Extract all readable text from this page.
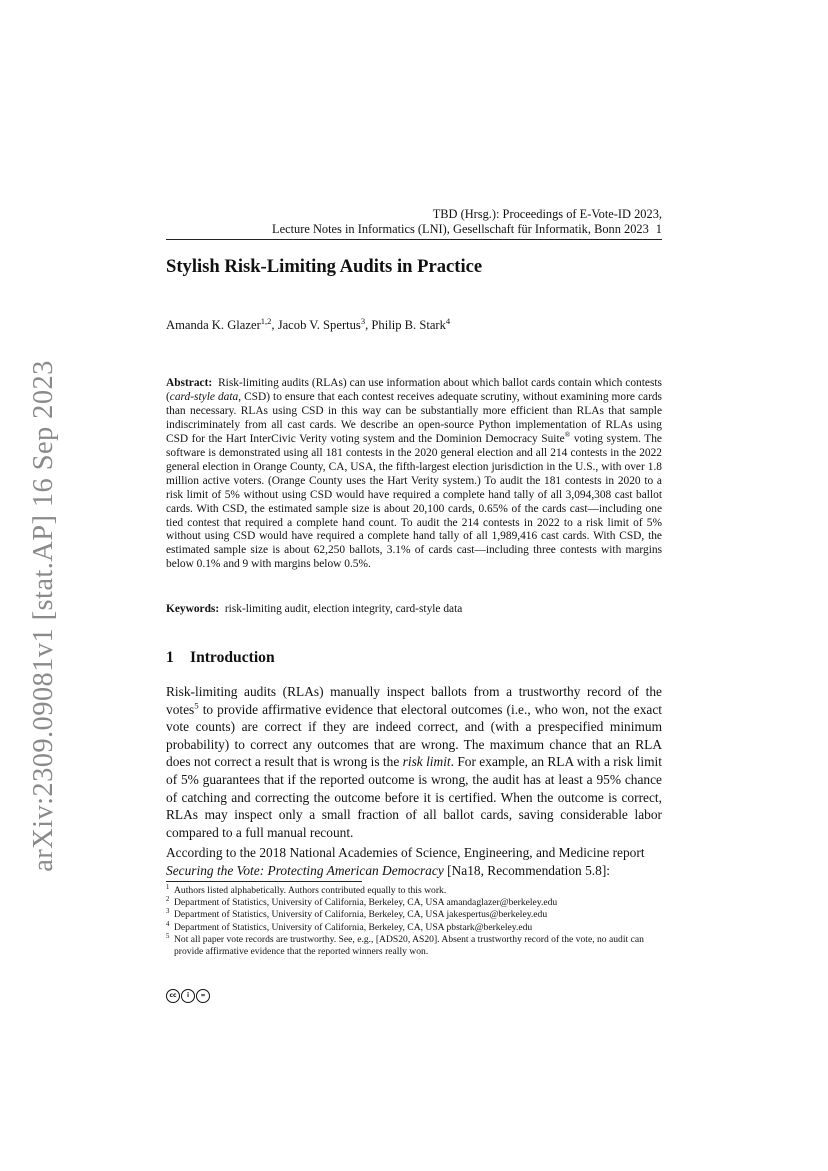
arXiv:2309.09081v1 [stat.AP] 16 Sep 2023
TBD (Hrsg.): Proceedings of E-Vote-ID 2023,
Lecture Notes in Informatics (LNI), Gesellschaft für Informatik, Bonn 2023 1
Stylish Risk-Limiting Audits in Practice
Amanda K. Glazer$^{1,2}$, Jacob V. Spertus$^3$, Philip B. Stark$^4$

Abstract: Risk-limiting audits (RLAs) can use information about which ballot cards contain which contests (card-style data, CSD) to ensure that each contest receives adequate scrutiny, without examining more cards than necessary. RLAs using CSD in this way can be substantially more efficient than RLAs that sample indiscriminately from all cast cards. We describe an open-source Python implementation of RLAs using CSD for the Hart InterCivic Verity voting system and the Dominion Democracy Suite® voting system. The software is demonstrated using all 181 contests in the 2020 general election and all 214 contests in the 2022 general election in Orange County, CA, USA, the fifth-largest election jurisdiction in the U.S., with over 1.8 million active voters. (Orange County uses the Hart Verity system.) To audit the 181 contests in 2020 to a risk limit of 5% without using CSD would have required a complete hand tally of all 3,094,308 cast ballot cards. With CSD, the estimated sample size is about 20,100 cards, 0.65% of the cards cast—including one tied contest that required a complete hand count. To audit the 214 contests in 2022 to a risk limit of 5% without using CSD would have required a complete hand tally of all 1,989,416 cast cards. With CSD, the estimated sample size is about 62,250 ballots, 3.1% of cards cast—including three contests with margins below 0.1% and 9 with margins below 0.5%.

Keywords: risk-limiting audit, election integrity, card-style data

1 Introduction

Risk-limiting audits (RLAs) manually inspect ballots from a trustworthy record of the votes$^5$ to provide affirmative evidence that electoral outcomes (i.e., who won, not the exact vote counts) are correct if they are indeed correct, and (with a prespecified minimum probability) to correct any outcomes that are wrong. The maximum chance that an RLA does not correct a result that is wrong is the risk limit. For example, an RLA with a risk limit of 5% guarantees that if the reported outcome is wrong, the audit has at least a 95% chance of catching and correcting the outcome before it is certified. When the outcome is correct, RLAs may inspect only a small fraction of all ballot cards, saving considerable labor compared to a full manual recount.

According to the 2018 National Academies of Science, Engineering, and Medicine report
Securing the Vote: Protecting American Democracy [Na18, Recommendation 5.8]:

1 Authors listed alphabetically. Authors contributed equally to this work.
2 Department of Statistics, University of California, Berkeley, CA, USA amandaglazer@berkeley.edu
3 Department of Statistics, University of California, Berkeley, CA, USA jakespertus@berkeley.edu
4 Department of Statistics, University of California, Berkeley, CA, USA pbstark@berkeley.edu
5 Not all paper vote records are trustworthy. See, e.g., [ADS20, AS20]. Absent a trustworthy record of the vote, no audit can provide affirmative evidence that the reported winners really won.
cc	i	=
